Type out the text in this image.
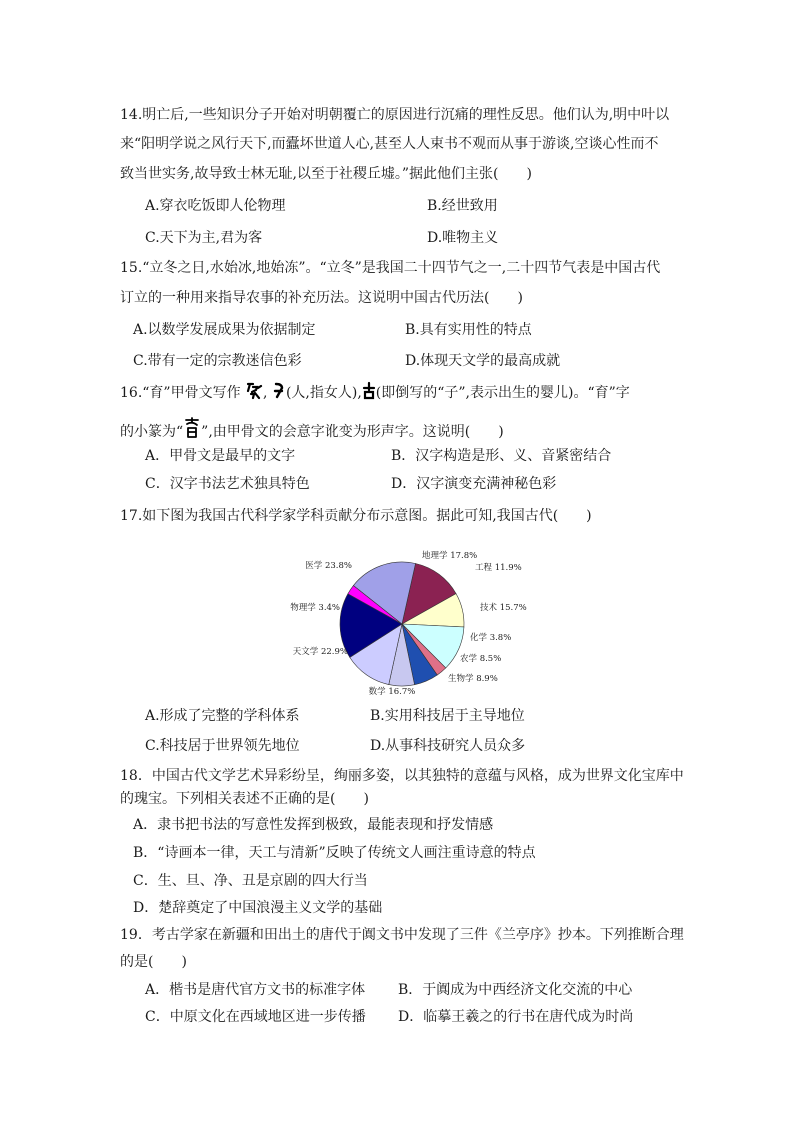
14.明亡后,一些知识分子开始对明朝覆亡的原因进行沉痛的理性反思。他们认为,明中叶以
来“阳明学说之风行天下,而蠹坏世道人心,甚至人人束书不观而从事于游谈,空谈心性而不
致当世实务,故导致士林无耻,以至于社稷丘墟。”据此他们主张(　　)
A.穿衣吃饭即人伦物理	B.经世致用
C.天下为主,君为客	D.唯物主义
15.“立冬之日,水始冰,地始冻”。“立冬”是我国二十四节气之一,二十四节气表是中国古代
订立的一种用来指导农事的补充历法。这说明中国古代历法(　　)
A.以数学发展成果为依据制定	B.具有实用性的特点
C.带有一定的宗教迷信色彩	D.体现天文学的最高成就
16.“育”甲骨文写作 , (人,指女人), (即倒写的“子”,表示出生的婴儿)。“育”字
的小篆为“ ”,由甲骨文的会意字讹变为形声字。这说明(　　)
A．甲骨文是最早的文字	B．汉字构造是形、义、音紧密结合
C．汉字书法艺术独具特色	D．汉字演变充满神秘色彩
17.如下图为我国古代科学家学科贡献分布示意图。据此可知,我国古代(　　)
地理学 17.8%
工程 11.9%
技术 15.7%
化学 3.8%
农学 8.5%
生物学 8.9%
数学 16.7%
天文学 22.9%
物理学 3.4%
医学 23.8%
A.形成了完整的学科体系	B.实用科技居于主导地位
C.科技居于世界领先地位	D.从事科技研究人员众多
18．中国古代文学艺术异彩纷呈，绚丽多姿，以其独特的意蕴与风格，成为世界文化宝库中
的瑰宝。下列相关表述不正确的是(　　)
A．隶书把书法的写意性发挥到极致，最能表现和抒发情感
B．“诗画本一律，天工与清新”反映了传统文人画注重诗意的特点
C．生、旦、净、丑是京剧的四大行当
D．楚辞奠定了中国浪漫主义文学的基础
19．考古学家在新疆和田出土的唐代于阗文书中发现了三件《兰亭序》抄本。下列推断合理
的是(　　)
A．楷书是唐代官方文书的标准字体 B．于阗成为中西经济文化交流的中心
C．中原文化在西域地区进一步传播 D．临摹王羲之的行书在唐代成为时尚
